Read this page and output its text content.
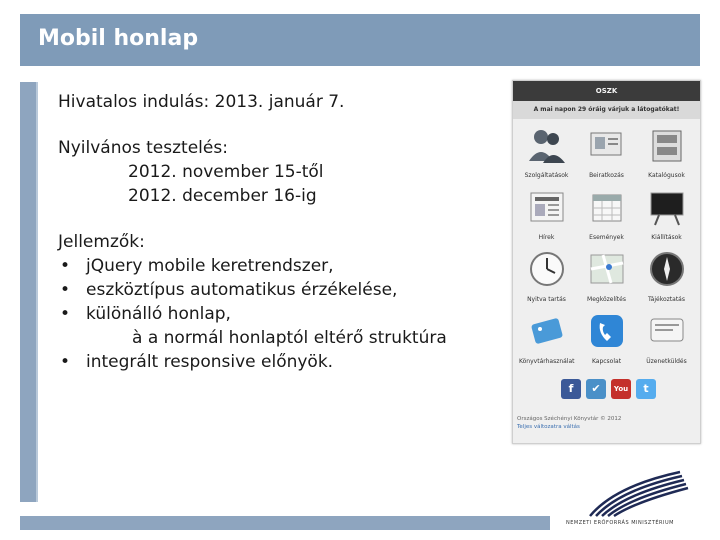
Mobil honlap
Hivatalos indulás: 2013. január 7.
Nyilvános tesztelés:
2012. november 15-től
2012. december 16-ig
Jellemzők:
• jQuery mobile keretrendszer,
• eszköztípus automatikus érzékelése,
• különálló honlap,
à a normál honlaptól eltérő struktúra
• integrált responsive előnyök.
OSZK
A mai napon 29 óráig várjuk a látogatókat!
Szolgáltatások	Beiratkozás	Katalógusok
Hírek	Események	Kiállítások
Nyitva tartás	Megközelítés	Tájékoztatás
Könyvtárhasználat	Kapcsolat	Üzenetküldés
f	✔	You	t
Országos Széchényi Könyvtár © 2012
Teljes változatra váltás
NEMZETI ERŐFORRÁS MINISZTÉRIUM
